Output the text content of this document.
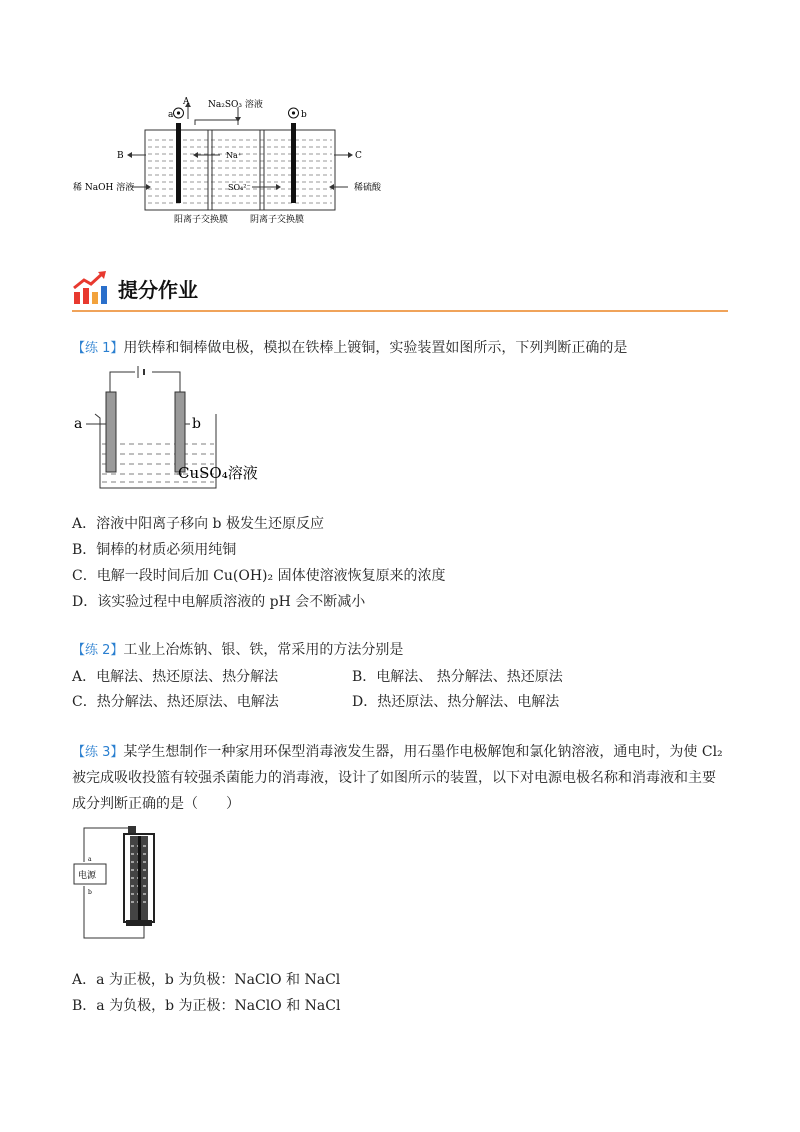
a
A Na₂SO₃ 溶液
b
B	Na⁺	C
稀 NaOH 溶液	SO₄²⁻	稀硫酸
阳离子交换膜 阴离子交换膜
提分作业
【练 1】用铁棒和铜棒做电极，模拟在铁棒上镀铜，实验装置如图所示，下列判断正确的是
a	b
CuSO₄溶液
A．溶液中阳离子移向 b 极发生还原反应
B．铜棒的材质必须用纯铜
C．电解一段时间后加 Cu(OH)₂ 固体使溶液恢复原来的浓度
D．该实验过程中电解质溶液的 pH 会不断减小
【练 2】工业上冶炼钠、银、铁，常采用的方法分别是
A．电解法、热还原法、热分解法	B．电解法、 热分解法、热还原法
C．热分解法、热还原法、电解法	D．热还原法、热分解法、电解法
【练 3】某学生想制作一种家用环保型消毒液发生器，用石墨作电极解饱和氯化钠溶液，通电时，为使 Cl₂
被完成吸收投篮有较强杀菌能力的消毒液，设计了如图所示的装置，以下对电源电极名称和消毒液和主要
成分判断正确的是（　　）
电源
a
b
A．a 为正极，b 为负极：NaClO 和 NaCl
B．a 为负极，b 为正极：NaClO 和 NaCl
